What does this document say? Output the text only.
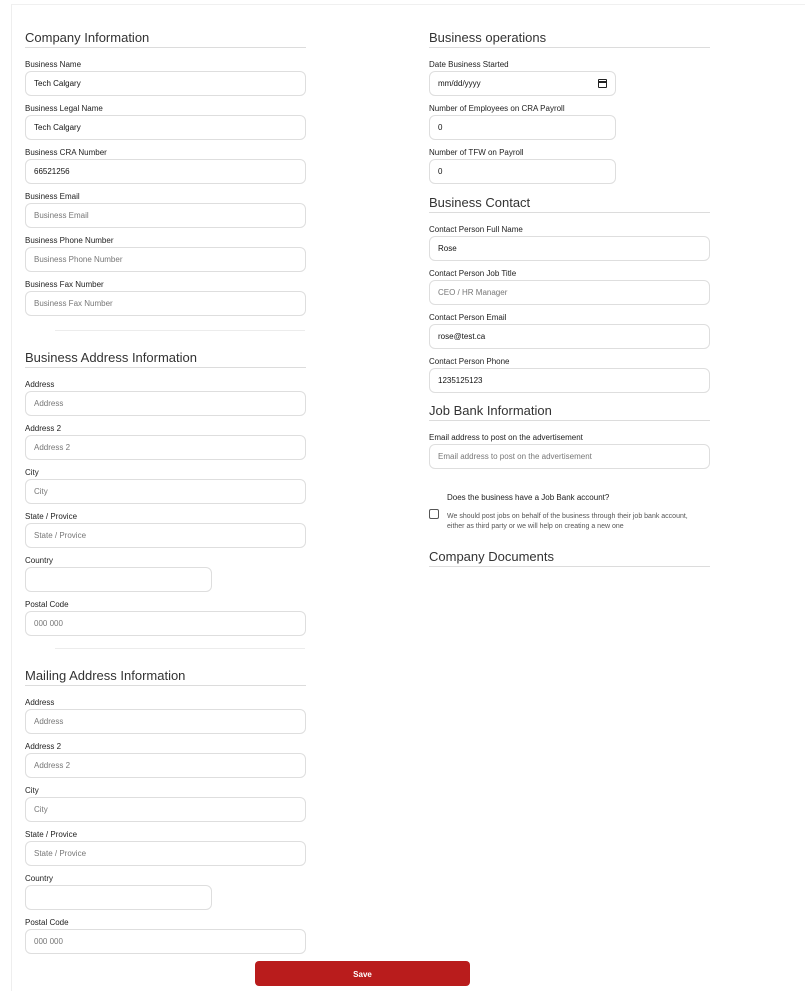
Company Information
Business Name
Tech Calgary
Business Legal Name
Tech Calgary
Business CRA Number
66521256
Business Email
Business Email
Business Phone Number
Business Phone Number
Business Fax Number
Business Fax Number
Business Address Information
Address
Address
Address 2
Address 2
City
City
State / Provice
State / Provice
Country
Postal Code
000 000
Mailing Address Information
Address
Address
Address 2
Address 2
City
City
State / Provice
State / Provice
Country
Postal Code
000 000
Business operations
Date Business Started
mm/dd/yyyy
Number of Employees on CRA Payroll
0
Number of TFW on Payroll
0
Business Contact
Contact Person Full Name
Rose
Contact Person Job Title
CEO / HR Manager
Contact Person Email
rose@test.ca
Contact Person Phone
1235125123
Job Bank Information
Email address to post on the advertisement
Email address to post on the advertisement
Does the business have a Job Bank account?
We should post jobs on behalf of the business through their job bank account, either as third party or we will help on creating a new one
Company Documents
Save
